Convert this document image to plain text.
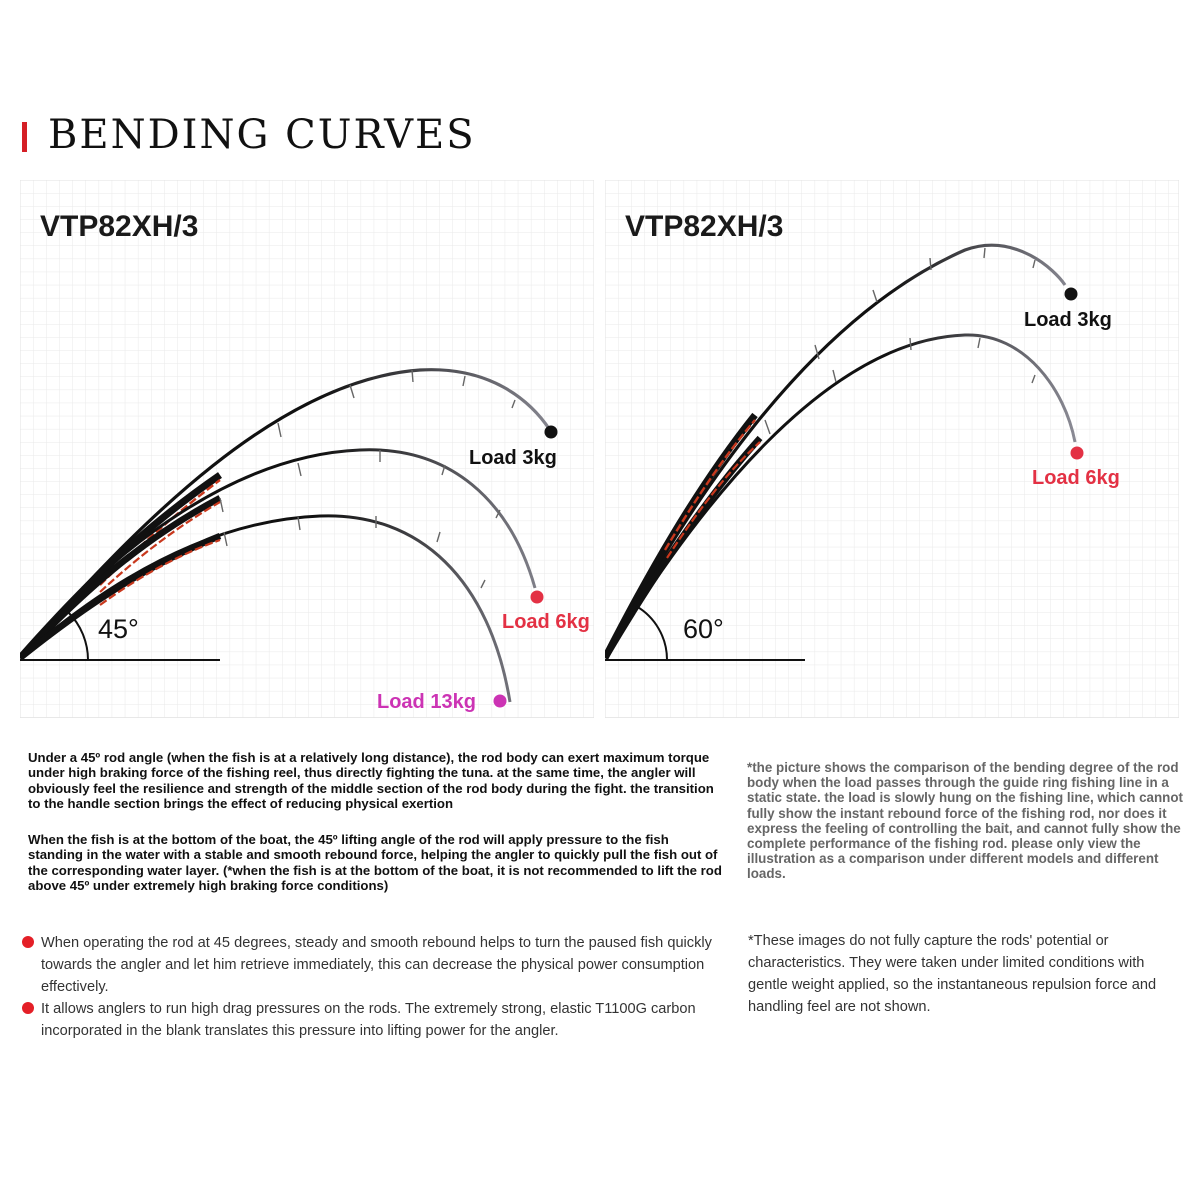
BENDING CURVES
45°
Load 3kg
Load 6kg
Load 13kg
VTP82XH/3
60°
Load 3kg
Load 6kg
VTP82XH/3
Under a 45º rod angle (when the fish is at a relatively long distance), the rod body can exert maximum torque under high braking force of the fishing reel, thus directly fighting the tuna. at the same time, the angler will obviously feel the resilience and strength of the middle section of the rod body during the fight. the transition to the handle section brings the effect of reducing physical exertion
When the fish is at the bottom of the boat, the 45º lifting angle of the rod will apply pressure to the fish standing in the water with a stable and smooth rebound force, helping the angler to quickly pull the fish out of the corresponding water layer. (*when the fish is at the bottom of the boat, it is not recommended to lift the rod above 45º under extremely high braking force conditions)
*the picture shows the comparison of the bending degree of the rod body when the load passes through the guide ring fishing line in a static state. the load is slowly hung on the fishing line, which cannot fully show the instant rebound force of the fishing rod, nor does it express the feeling of controlling the bait, and cannot fully show the complete performance of the fishing rod. please only view the illustration as a comparison under different models and different loads.
When operating the rod at 45 degrees, steady and smooth rebound helps to turn the paused fish quickly towards the angler and let him retrieve immediately, this can decrease the physical power consumption effectively.
It allows anglers to run high drag pressures on the rods. The extremely strong, elastic T1100G carbon incorporated in the blank translates this pressure into lifting power for the angler.
*These images do not fully capture the rods' potential or characteristics. They were taken under limited conditions with gentle weight applied, so the instantaneous repulsion force and handling feel are not shown.
